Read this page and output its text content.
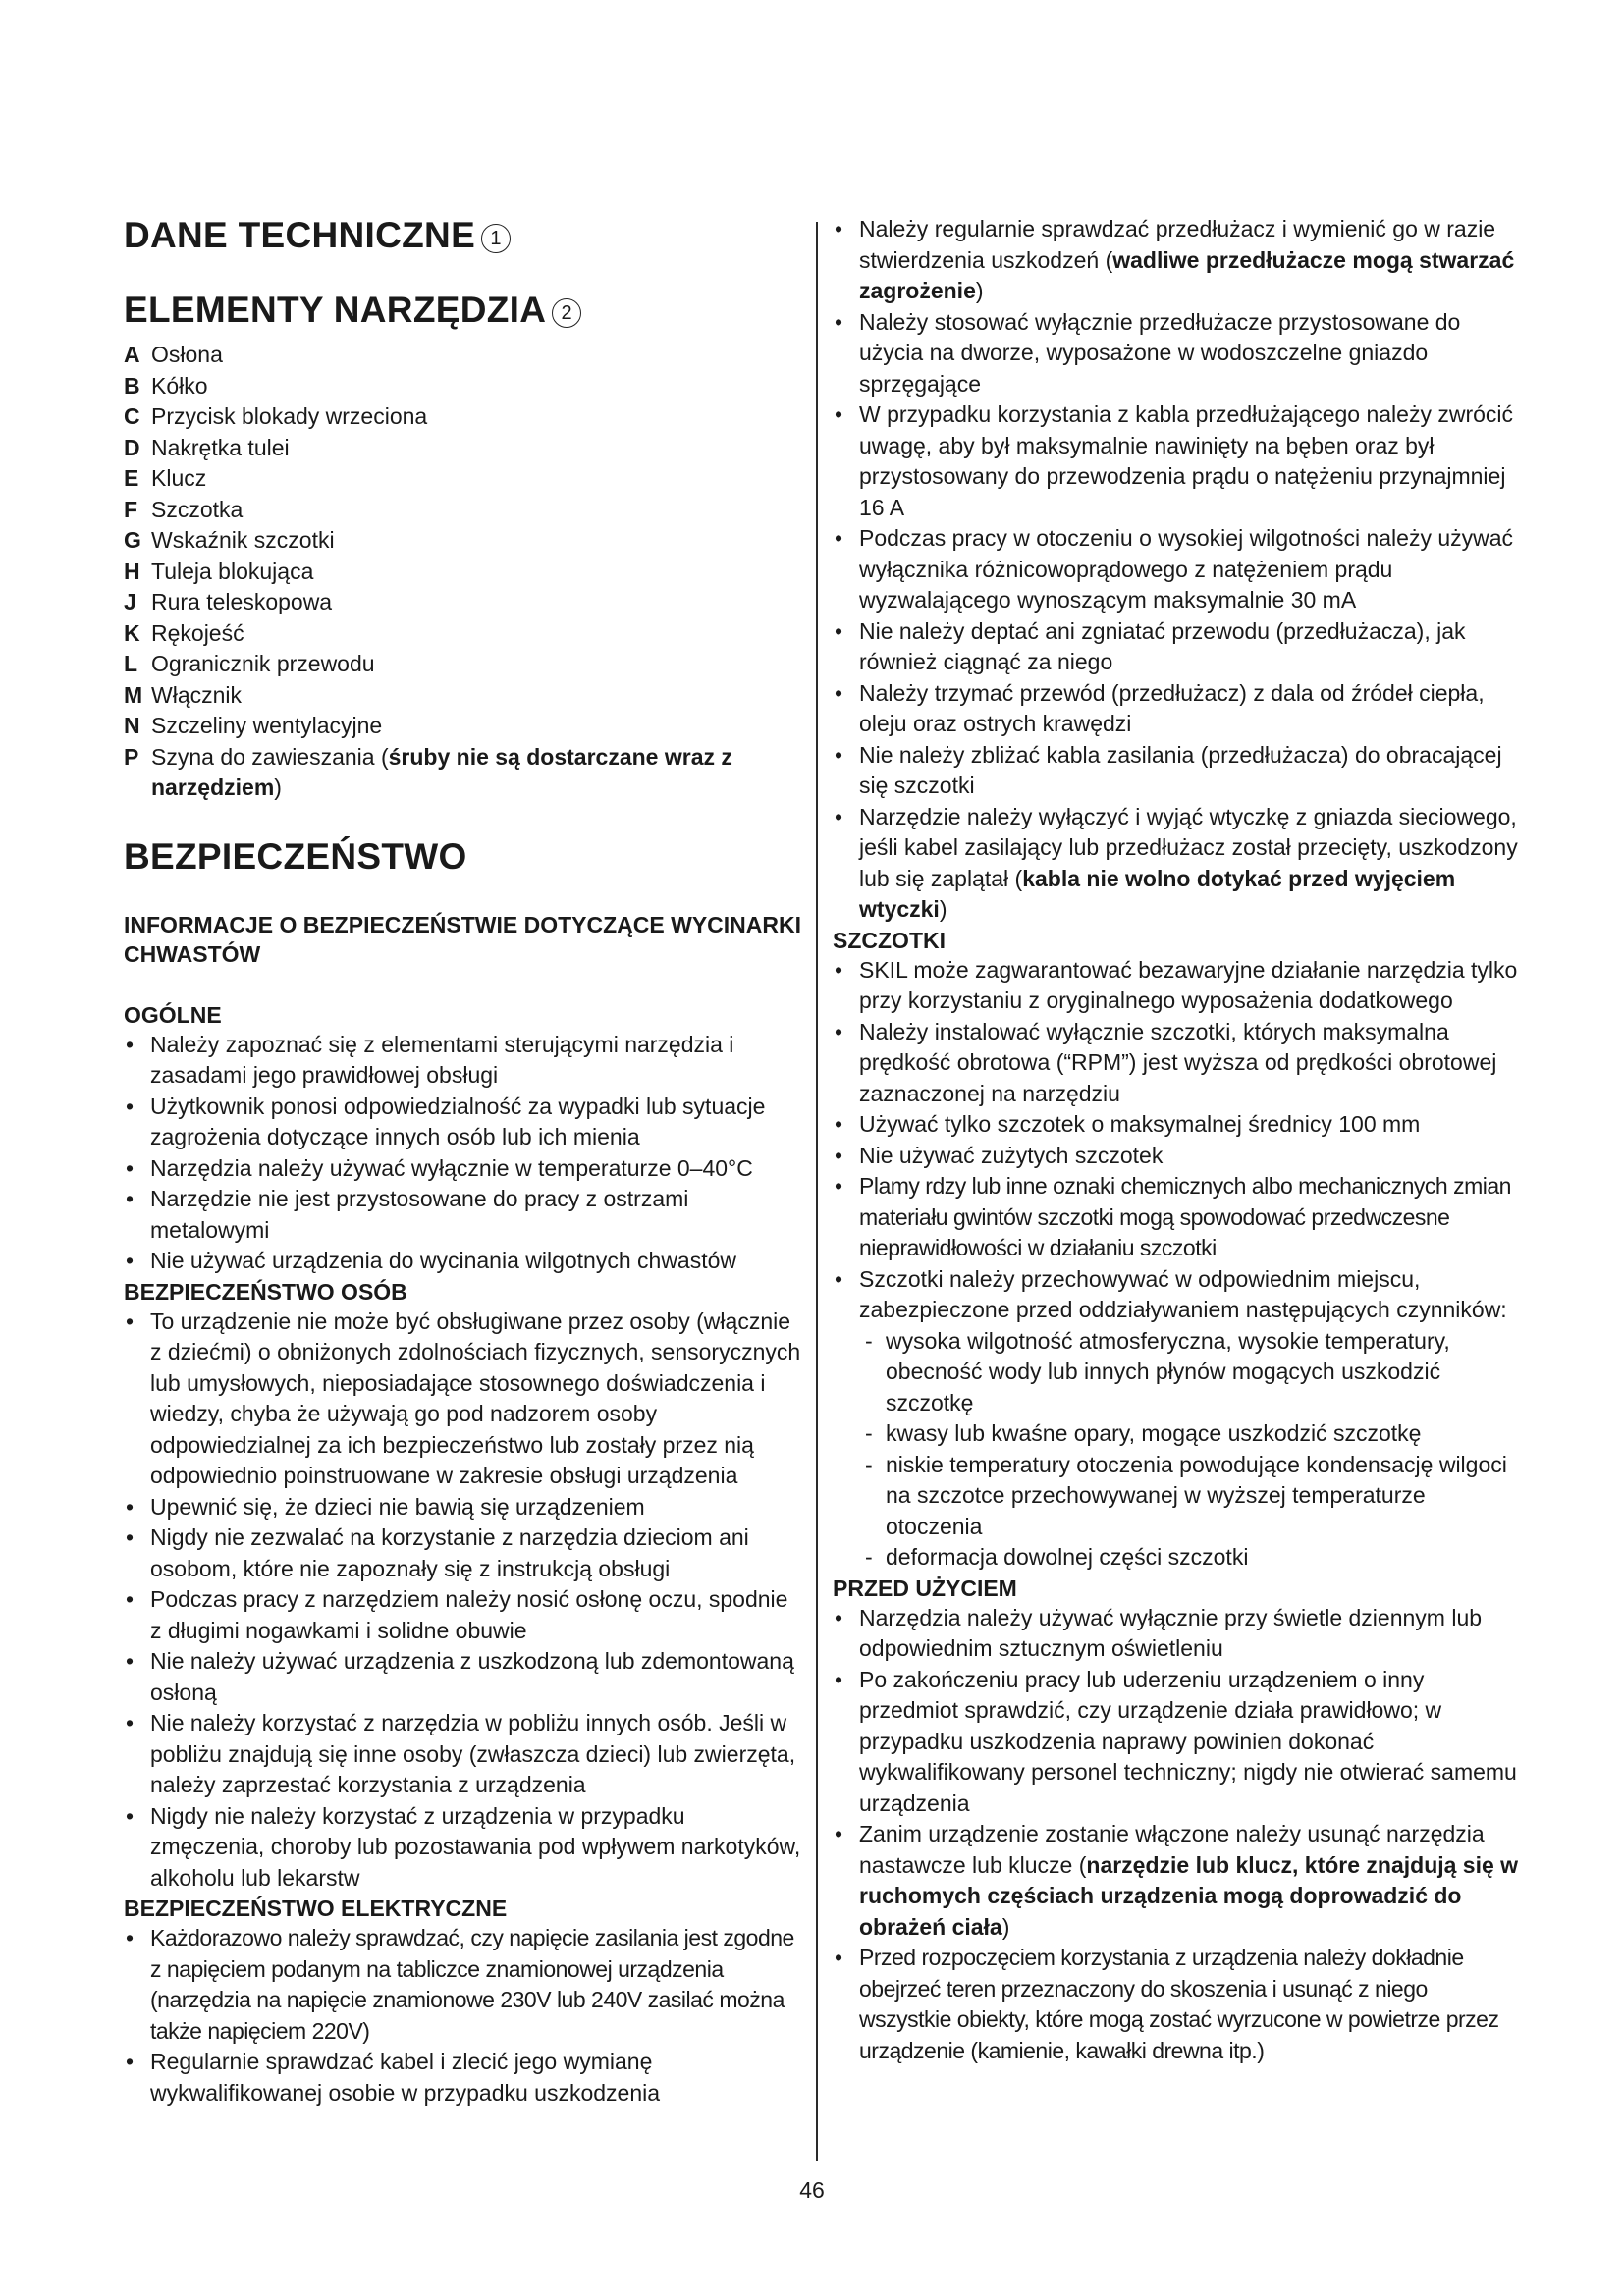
DANE TECHNICZNE 1
ELEMENTY NARZĘDZIA 2
A Osłona
B Kółko
C Przycisk blokady wrzeciona
D Nakrętka tulei
E Klucz
F Szczotka
G Wskaźnik szczotki
H Tuleja blokująca
J Rura teleskopowa
K Rękojeść
L Ogranicznik przewodu
M Włącznik
N Szczeliny wentylacyjne
P Szyna do zawieszania (śruby nie są dostarczane wraz z narzędziem)
BEZPIECZEŃSTWO
INFORMACJE O BEZPIECZEŃSTWIE DOTYCZĄCE WYCINARKI CHWASTÓW
OGÓLNE
• Należy zapoznać się z elementami sterującymi narzędzia i zasadami jego prawidłowej obsługi
• Użytkownik ponosi odpowiedzialność za wypadki lub sytuacje zagrożenia dotyczące innych osób lub ich mienia
• Narzędzia należy używać wyłącznie w temperaturze 0–40°C
• Narzędzie nie jest przystosowane do pracy z ostrzami metalowymi
• Nie używać urządzenia do wycinania wilgotnych chwastów
BEZPIECZEŃSTWO OSÓB
• To urządzenie nie może być obsługiwane przez osoby (włącznie z dziećmi) o obniżonych zdolnościach fizycznych, sensorycznych lub umysłowych, nieposiadające stosownego doświadczenia i wiedzy, chyba że używają go pod nadzorem osoby odpowiedzialnej za ich bezpieczeństwo lub zostały przez nią odpowiednio poinstruowane w zakresie obsługi urządzenia
• Upewnić się, że dzieci nie bawią się urządzeniem
• Nigdy nie zezwalać na korzystanie z narzędzia dzieciom ani osobom, które nie zapoznały się z instrukcją obsługi
• Podczas pracy z narzędziem należy nosić osłonę oczu, spodnie z długimi nogawkami i solidne obuwie
• Nie należy używać urządzenia z uszkodzoną lub zdemontowaną osłoną
• Nie należy korzystać z narzędzia w pobliżu innych osób. Jeśli w pobliżu znajdują się inne osoby (zwłaszcza dzieci) lub zwierzęta, należy zaprzestać korzystania z urządzenia
• Nigdy nie należy korzystać z urządzenia w przypadku zmęczenia, choroby lub pozostawania pod wpływem narkotyków, alkoholu lub lekarstw
BEZPIECZEŃSTWO ELEKTRYCZNE
• Każdorazowo należy sprawdzać, czy napięcie zasilania jest zgodne z napięciem podanym na tabliczce znamionowej urządzenia (narzędzia na napięcie znamionowe 230V lub 240V zasilać można także napięciem 220V)
• Regularnie sprawdzać kabel i zlecić jego wymianę wykwalifikowanej osobie w przypadku uszkodzenia
• Należy regularnie sprawdzać przedłużacz i wymienić go w razie stwierdzenia uszkodzeń (wadliwe przedłużacze mogą stwarzać zagrożenie)
• Należy stosować wyłącznie przedłużacze przystosowane do użycia na dworze, wyposażone w wodoszczelne gniazdo sprzęgające
• W przypadku korzystania z kabla przedłużającego należy zwrócić uwagę, aby był maksymalnie nawinięty na bęben oraz był przystosowany do przewodzenia prądu o natężeniu przynajmniej 16 A
• Podczas pracy w otoczeniu o wysokiej wilgotności należy używać wyłącznika różnicowoprądowego z natężeniem prądu wyzwalającego wynoszącym maksymalnie 30 mA
• Nie należy deptać ani zgniatać przewodu (przedłużacza), jak również ciągnąć za niego
• Należy trzymać przewód (przedłużacz) z dala od źródeł ciepła, oleju oraz ostrych krawędzi
• Nie należy zbliżać kabla zasilania (przedłużacza) do obracającej się szczotki
• Narzędzie należy wyłączyć i wyjąć wtyczkę z gniazda sieciowego, jeśli kabel zasilający lub przedłużacz został przecięty, uszkodzony lub się zaplątał (kabla nie wolno dotykać przed wyjęciem wtyczki)
SZCZOTKI
• SKIL może zagwarantować bezawaryjne działanie narzędzia tylko przy korzystaniu z oryginalnego wyposażenia dodatkowego
• Należy instalować wyłącznie szczotki, których maksymalna prędkość obrotowa (“RPM”) jest wyższa od prędkości obrotowej zaznaczonej na narzędziu
• Używać tylko szczotek o maksymalnej średnicy 100 mm
• Nie używać zużytych szczotek
• Plamy rdzy lub inne oznaki chemicznych albo mechanicznych zmian materiału gwintów szczotki mogą spowodować przedwczesne nieprawidłowości w działaniu szczotki
• Szczotki należy przechowywać w odpowiednim miejscu, zabezpieczone przed oddziaływaniem następujących czynników:
- wysoka wilgotność atmosferyczna, wysokie temperatury, obecność wody lub innych płynów mogących uszkodzić szczotkę
- kwasy lub kwaśne opary, mogące uszkodzić szczotkę
- niskie temperatury otoczenia powodujące kondensację wilgoci na szczotce przechowywanej w wyższej temperaturze otoczenia
- deformacja dowolnej części szczotki
PRZED UŻYCIEM
• Narzędzia należy używać wyłącznie przy świetle dziennym lub odpowiednim sztucznym oświetleniu
• Po zakończeniu pracy lub uderzeniu urządzeniem o inny przedmiot sprawdzić, czy urządzenie działa prawidłowo; w przypadku uszkodzenia naprawy powinien dokonać wykwalifikowany personel techniczny; nigdy nie otwierać samemu urządzenia
• Zanim urządzenie zostanie włączone należy usunąć narzędzia nastawcze lub klucze (narzędzie lub klucz, które znajdują się w ruchomych częściach urządzenia mogą doprowadzić do obrażeń ciała)
• Przed rozpoczęciem korzystania z urządzenia należy dokładnie obejrzeć teren przeznaczony do skoszenia i usunąć z niego wszystkie obiekty, które mogą zostać wyrzucone w powietrze przez urządzenie (kamienie, kawałki drewna itp.)
46
